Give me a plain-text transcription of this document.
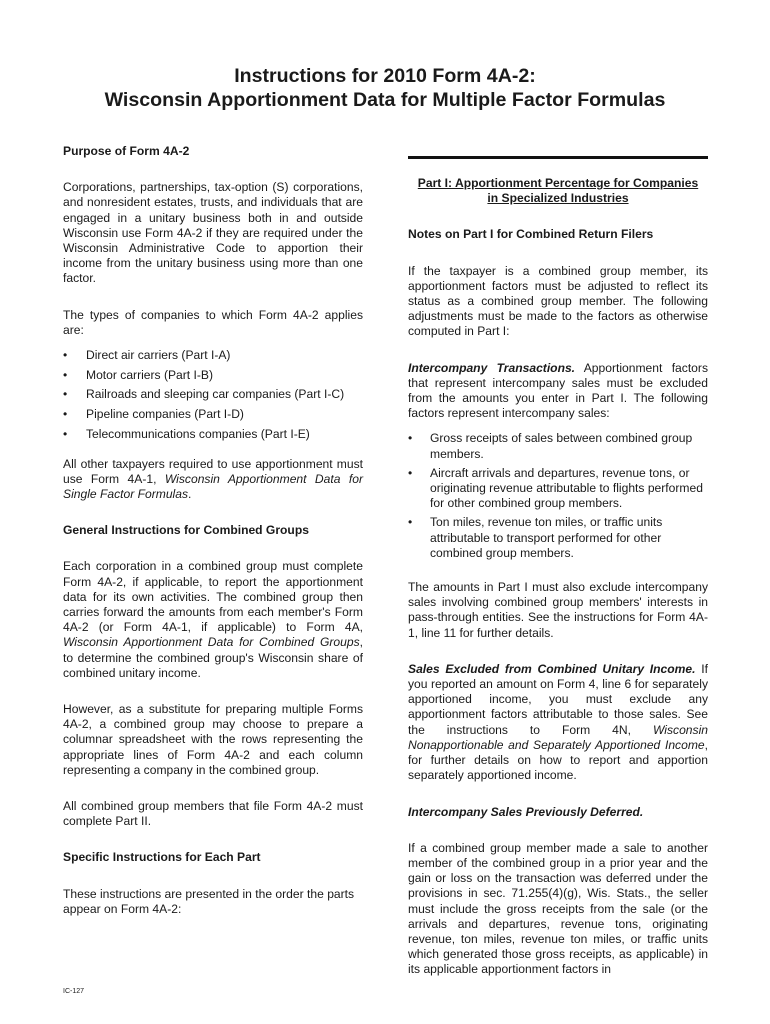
Instructions for 2010 Form 4A-2:
Wisconsin Apportionment Data for Multiple Factor Formulas
Purpose of Form 4A-2

Corporations, partnerships, tax-option (S) corporations, and nonresident estates, trusts, and individuals that are engaged in a unitary business both in and outside Wisconsin use Form 4A-2 if they are required under the Wisconsin Administrative Code to apportion their income from the unitary business using more than one factor.

The types of companies to which Form 4A-2 applies are:

• Direct air carriers (Part I-A)
• Motor carriers (Part I-B)
• Railroads and sleeping car companies (Part I-C)
• Pipeline companies (Part I-D)
• Telecommunications companies (Part I-E)

All other taxpayers required to use apportionment must use Form 4A-1, Wisconsin Apportionment Data for Single Factor Formulas.

General Instructions for Combined Groups

Each corporation in a combined group must complete Form 4A-2, if applicable, to report the apportionment data for its own activities. The combined group then carries forward the amounts from each member's Form 4A-2 (or Form 4A-1, if applicable) to Form 4A, Wisconsin Apportionment Data for Combined Groups, to determine the combined group's Wisconsin share of combined unitary income.

However, as a substitute for preparing multiple Forms 4A-2, a combined group may choose to prepare a columnar spreadsheet with the rows representing the appropriate lines of Form 4A-2 and each column representing a company in the combined group.

All combined group members that file Form 4A-2 must complete Part II.

Specific Instructions for Each Part

These instructions are presented in the order the parts appear on Form 4A-2:

Part I: Apportionment Percentage for Companies
in Specialized Industries
Notes on Part I for Combined Return Filers

If the taxpayer is a combined group member, its apportionment factors must be adjusted to reflect its status as a combined group member. The following adjustments must be made to the factors as otherwise computed in Part I:

Intercompany Transactions. Apportionment factors that represent intercompany sales must be excluded from the amounts you enter in Part I. The following factors represent intercompany sales:

• Gross receipts of sales between combined group members.
• Aircraft arrivals and departures, revenue tons, or originating revenue attributable to flights performed for other combined group members.
• Ton miles, revenue ton miles, or traffic units attributable to transport performed for other combined group members.

The amounts in Part I must also exclude intercompany sales involving combined group members' interests in pass-through entities. See the instructions for Form 4A-1, line 11 for further details.

Sales Excluded from Combined Unitary Income. If you reported an amount on Form 4, line 6 for separately apportioned income, you must exclude any apportionment factors attributable to those sales. See the instructions to Form 4N, Wisconsin Nonapportionable and Separately Apportioned Income, for further details on how to report and apportion separately apportioned income.

Intercompany Sales Previously Deferred.

If a combined group member made a sale to another member of the combined group in a prior year and the gain or loss on the transaction was deferred under the provisions in sec. 71.255(4)(g), Wis. Stats., the seller must include the gross receipts from the sale (or the arrivals and departures, revenue tons, originating revenue, ton miles, revenue ton miles, or traffic units which generated those gross receipts, as applicable) in its applicable apportionment factors in

IC-127
